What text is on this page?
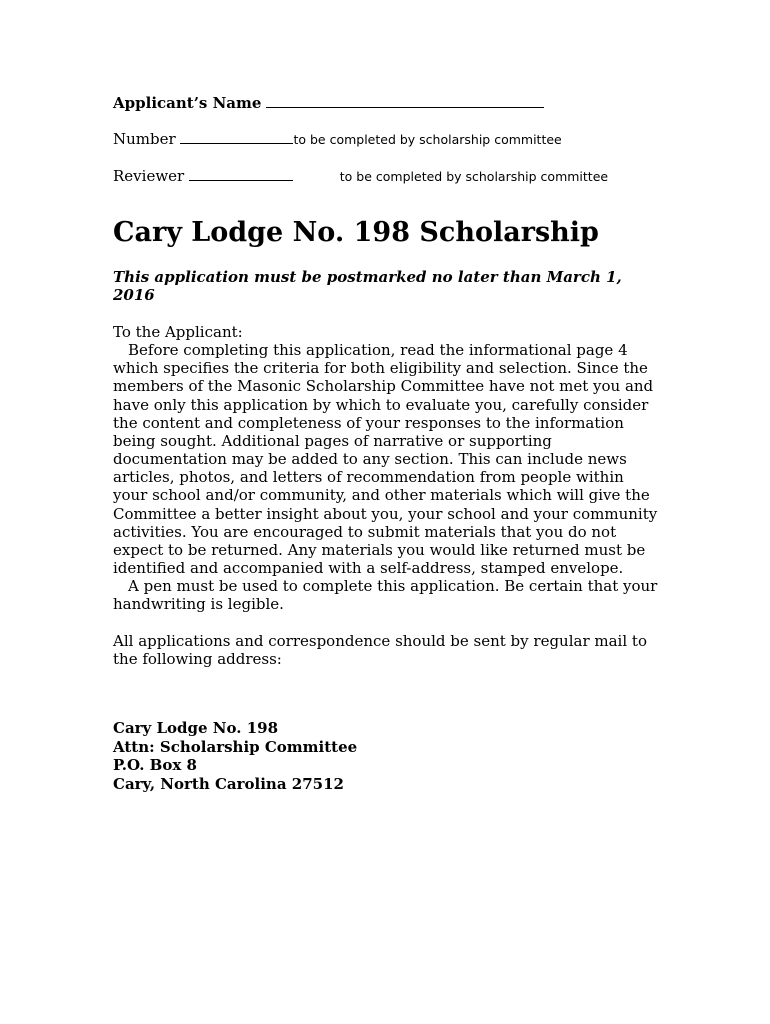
Applicant’s Name
Number	to be completed by scholarship committee
Reviewer	to be completed by scholarship committee
Cary Lodge No. 198 Scholarship

This application must be postmarked no later than March 1, 2016

To the Applicant:

Before completing this application, read the informational page 4 which specifies the criteria for both eligibility and selection. Since the members of the Masonic Scholarship Committee have not met you and have only this application by which to evaluate you, carefully consider the content and completeness of your responses to the information being sought. Additional pages of narrative or supporting documentation may be added to any section. This can include news articles, photos, and letters of recommendation from people within your school and/or community, and other materials which will give the Committee a better insight about you, your school and your community activities. You are encouraged to submit materials that you do not expect to be returned. Any materials you would like returned must be identified and accompanied with a self-address, stamped envelope.

A pen must be used to complete this application. Be certain that your handwriting is legible.

All applications and correspondence should be sent by regular mail to the following address:

Cary Lodge No. 198
Attn: Scholarship Committee
P.O. Box 8
Cary, North Carolina 27512
